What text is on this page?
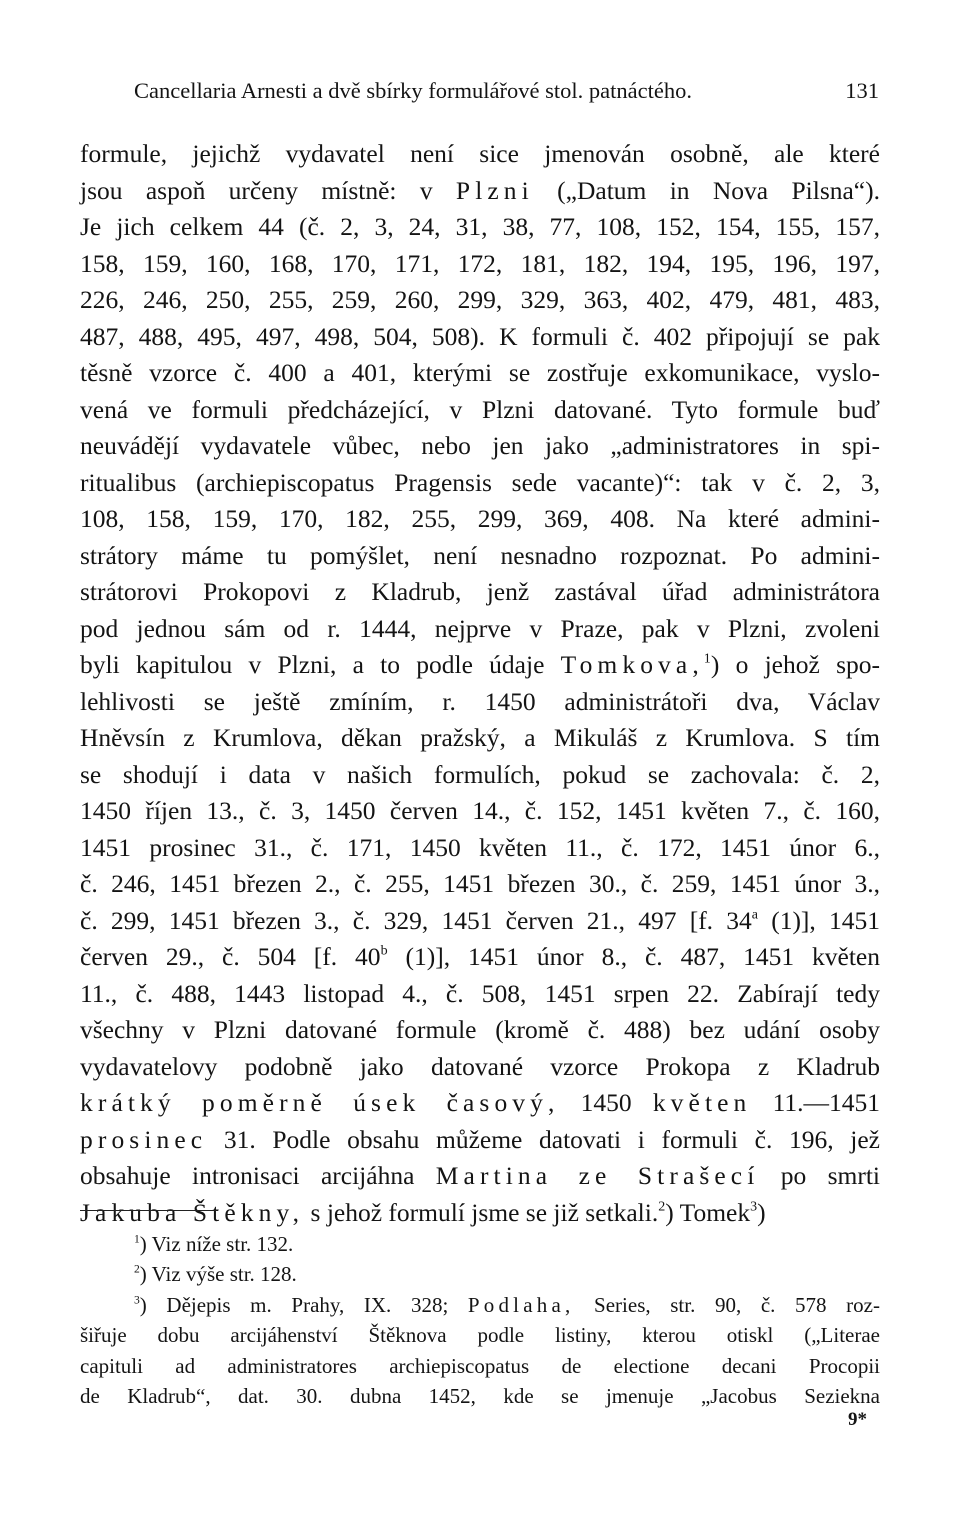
Cancellaria Arnesti a dvě sbírky formulářové stol. patnáctého.	131
formule, jejichž vydavatel není sice jmenován osobně, ale které
jsou aspoň určeny místně: v Plzni („Datum in Nova Pilsna“).
Je jich celkem 44 (č. 2, 3, 24, 31, 38, 77, 108, 152, 154, 155, 157,
158, 159, 160, 168, 170, 171, 172, 181, 182, 194, 195, 196, 197,
226, 246, 250, 255, 259, 260, 299, 329, 363, 402, 479, 481, 483,
487, 488, 495, 497, 498, 504, 508). K formuli č. 402 připojují se pak
těsně vzorce č. 400 a 401, kterými se zostřuje exkomunikace, vyslo-
vená ve formuli předcházející, v Plzni datované. Tyto formule buď
neuvádějí vydavatele vůbec, nebo jen jako „administratores in spi-
ritualibus (archiepiscopatus Pragensis sede vacante)“: tak v č. 2, 3,
108, 158, 159, 170, 182, 255, 299, 369, 408. Na které admini-
strátory máme tu pomýšlet, není nesnadno rozpoznat. Po admini-
strátorovi Prokopovi z Kladrub, jenž zastával úřad administrátora
pod jednou sám od r. 1444, nejprve v Praze, pak v Plzni, zvoleni
byli kapitulou v Plzni, a to podle údaje Tomkova,$^1$) o jehož spo-
lehlivosti se ještě zmíním, r. 1450 administrátoři dva, Václav
Hněvsín z Krumlova, děkan pražský, a Mikuláš z Krumlova. S tím
se shodují i data v našich formulích, pokud se zachovala: č. 2,
1450 říjen 13., č. 3, 1450 červen 14., č. 152, 1451 květen 7., č. 160,
1451 prosinec 31., č. 171, 1450 květen 11., č. 172, 1451 únor 6.,
č. 246, 1451 březen 2., č. 255, 1451 březen 30., č. 259, 1451 únor 3.,
č. 299, 1451 březen 3., č. 329, 1451 červen 21., 497 [f. 34$^a$ (1)], 1451
červen 29., č. 504 [f. 40$^b$ (1)], 1451 únor 8., č. 487, 1451 květen
11., č. 488, 1443 listopad 4., č. 508, 1451 srpen 22. Zabírají tedy
všechny v Plzni datované formule (kromě č. 488) bez udání osoby
vydavatelovy podobně jako datované vzorce Prokopa z Kladrub
krátký poměrně úsek časový, 1450 květen 11.—1451
prosinec 31. Podle obsahu můžeme datovati i formuli č. 196, jež
obsahuje intronisaci arcijáhna Martina ze Strašecí po smrti
Jakuba Štěkny, s jehož formulí jsme se již setkali.$^2$) Tomek$^3$)
$^1$) Viz níže str. 132.
$^2$) Viz výše str. 128.
$^3$) Dějepis m. Prahy, IX. 328; Podlaha, Series, str. 90, č. 578 roz-
šiřuje dobu arcijáhenství Štěknova podle listiny, kterou otiskl („Literae
capituli ad administratores archiepiscopatus de electione decani Procopii
de Kladrub“, dat. 30. dubna 1452, kde se jmenuje „Jacobus Seziekna
9*
